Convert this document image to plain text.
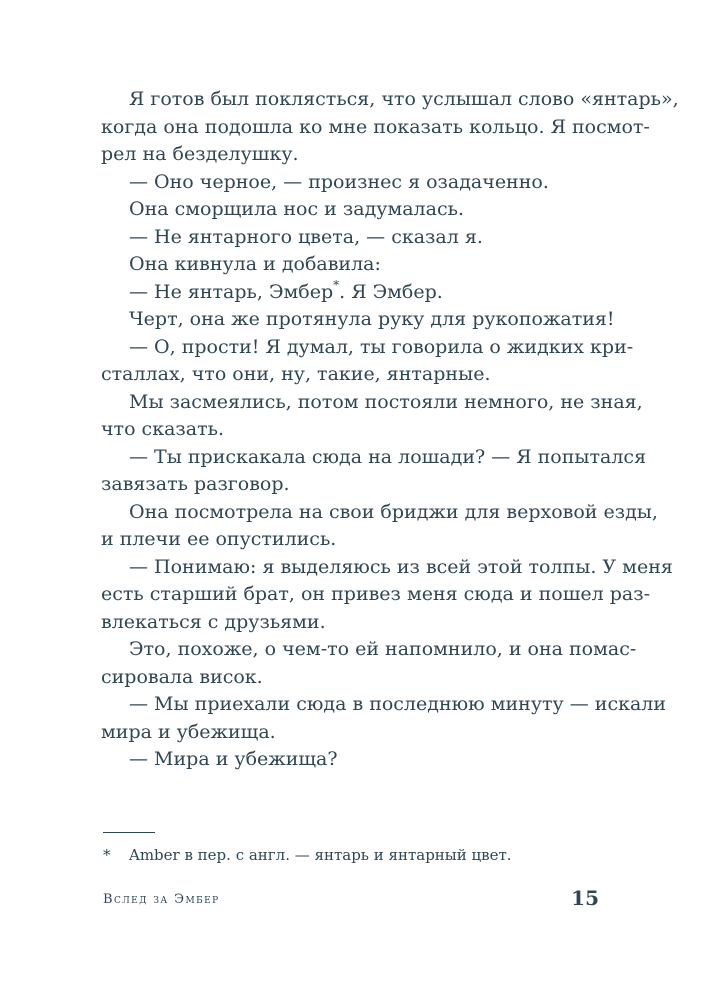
Я готов был поклясться, что услышал слово «янтарь»,
когда она подошла ко мне показать кольцо. Я посмот-
рел на безделушку.
— Оно черное, — произнес я озадаченно.
Она сморщила нос и задумалась.
— Не янтарного цвета, — сказал я.
Она кивнула и добавила:
— Не янтарь, Эмбер*. Я Эмбер.
Черт, она же протянула руку для рукопожатия!
— О, прости! Я думал, ты говорила о жидких кри-
сталлах, что они, ну, такие, янтарные.
Мы засмеялись, потом постояли немного, не зная,
что сказать.
— Ты прискакала сюда на лошади? — Я попытался
завязать разговор.
Она посмотрела на свои бриджи для верховой езды,
и плечи ее опустились.
— Понимаю: я выделяюсь из всей этой толпы. У меня
есть старший брат, он привез меня сюда и пошел раз-
влекаться с друзьями.
Это, похоже, о чем-то ей напомнило, и она помас-
сировала висок.
— Мы приехали сюда в последнюю минуту — искали
мира и убежища.
— Мира и убежища?
* Amber в пер. с англ. — янтарь и янтарный цвет.
Вслед за Эмбер	15
